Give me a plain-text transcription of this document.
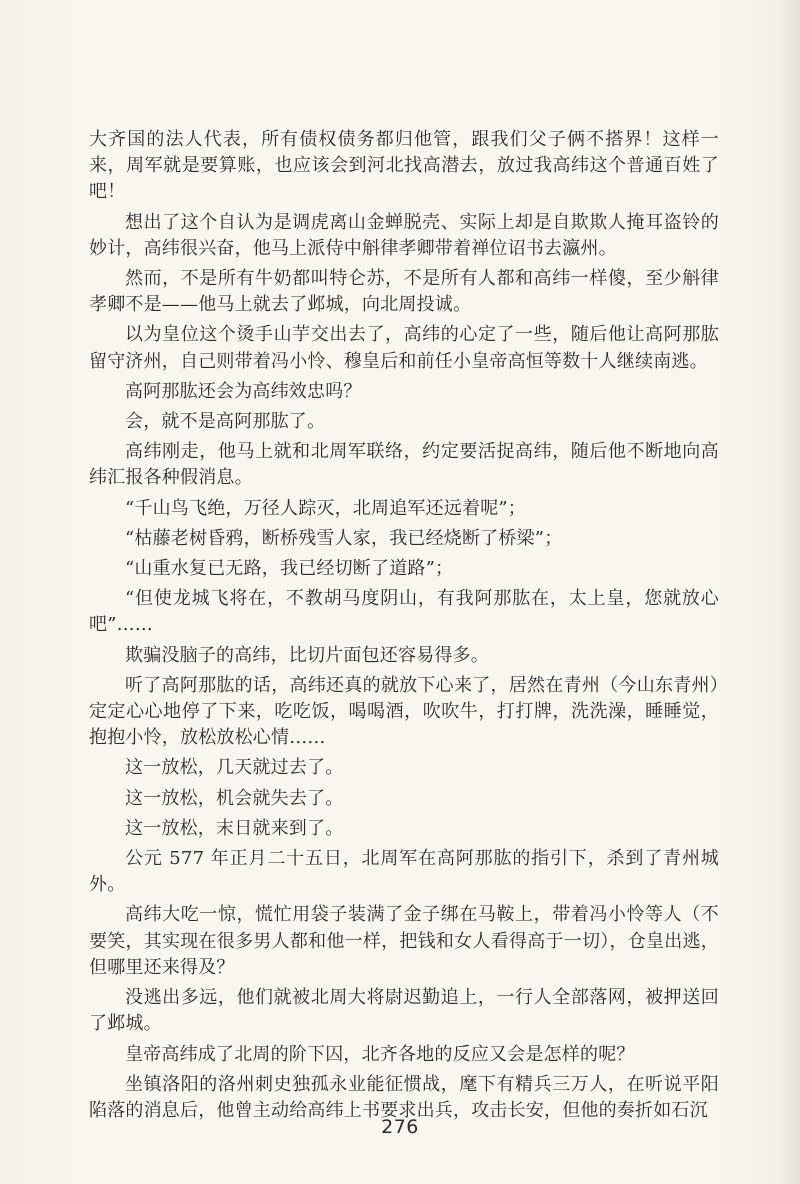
大齐国的法人代表，所有债权债务都归他管，跟我们父子俩不搭界！这样一来，周军就是要算账，也应该会到河北找高潜去，放过我高纬这个普通百姓了吧！

想出了这个自认为是调虎离山金蝉脱壳、实际上却是自欺欺人掩耳盗铃的妙计，高纬很兴奋，他马上派侍中斛律孝卿带着禅位诏书去瀛州。

然而，不是所有牛奶都叫特仑苏，不是所有人都和高纬一样傻，至少斛律孝卿不是——他马上就去了邺城，向北周投诚。

以为皇位这个烫手山芋交出去了，高纬的心定了一些，随后他让高阿那肱留守济州，自己则带着冯小怜、穆皇后和前任小皇帝高恒等数十人继续南逃。

高阿那肱还会为高纬效忠吗？

会，就不是高阿那肱了。

高纬刚走，他马上就和北周军联络，约定要活捉高纬，随后他不断地向高纬汇报各种假消息。

“千山鸟飞绝，万径人踪灭，北周追军还远着呢”；

“枯藤老树昏鸦，断桥残雪人家，我已经烧断了桥梁”；

“山重水复已无路，我已经切断了道路”；

“但使龙城飞将在，不教胡马度阴山，有我阿那肱在，太上皇，您就放心吧”……

欺骗没脑子的高纬，比切片面包还容易得多。

听了高阿那肱的话，高纬还真的就放下心来了，居然在青州（今山东青州）定定心心地停了下来，吃吃饭，喝喝酒，吹吹牛，打打牌，洗洗澡，睡睡觉，抱抱小怜，放松放松心情……

这一放松，几天就过去了。

这一放松，机会就失去了。

这一放松，末日就来到了。

公元 577 年正月二十五日，北周军在高阿那肱的指引下，杀到了青州城外。

高纬大吃一惊，慌忙用袋子装满了金子绑在马鞍上，带着冯小怜等人（不要笑，其实现在很多男人都和他一样，把钱和女人看得高于一切），仓皇出逃，但哪里还来得及？

没逃出多远，他们就被北周大将尉迟勤追上，一行人全部落网，被押送回了邺城。

皇帝高纬成了北周的阶下囚，北齐各地的反应又会是怎样的呢？

坐镇洛阳的洛州刺史独孤永业能征惯战，麾下有精兵三万人，在听说平阳陷落的消息后，他曾主动给高纬上书要求出兵，攻击长安，但他的奏折如石沉

276
